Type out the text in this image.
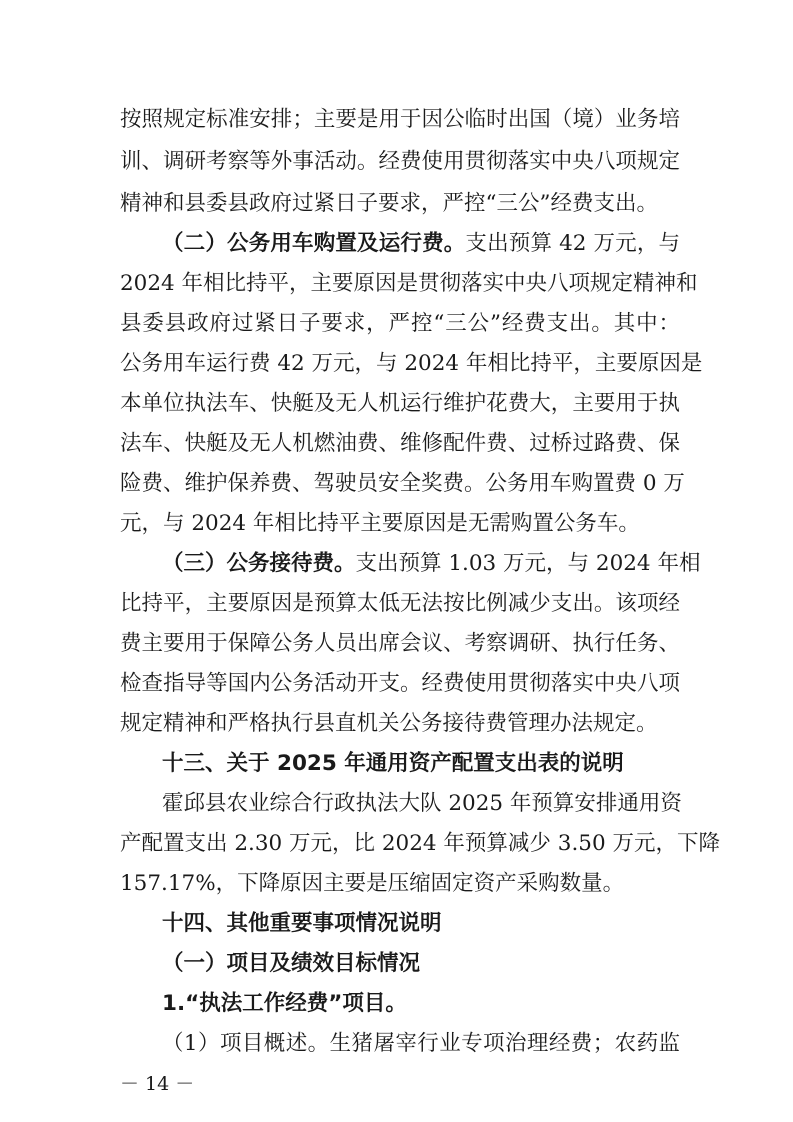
按照规定标准安排；主要是用于因公临时出国（境）业务培
训、调研考察等外事活动。经费使用贯彻落实中央八项规定
精神和县委县政府过紧日子要求，严控“三公”经费支出。
（二）公务用车购置及运行费。支出预算 42 万元，与
2024 年相比持平，主要原因是贯彻落实中央八项规定精神和
县委县政府过紧日子要求，严控“三公”经费支出。其中：
公务用车运行费 42 万元，与 2024 年相比持平，主要原因是
本单位执法车、快艇及无人机运行维护花费大，主要用于执
法车、快艇及无人机燃油费、维修配件费、过桥过路费、保
险费、维护保养费、驾驶员安全奖费。公务用车购置费 0 万
元，与 2024 年相比持平主要原因是无需购置公务车。
（三）公务接待费。支出预算 1.03 万元，与 2024 年相
比持平，主要原因是预算太低无法按比例减少支出。该项经
费主要用于保障公务人员出席会议、考察调研、执行任务、
检查指导等国内公务活动开支。经费使用贯彻落实中央八项
规定精神和严格执行县直机关公务接待费管理办法规定。
十三、关于 2025 年通用资产配置支出表的说明
霍邱县农业综合行政执法大队 2025 年预算安排通用资
产配置支出 2.30 万元，比 2024 年预算减少 3.50 万元，下降
157.17%，下降原因主要是压缩固定资产采购数量。
十四、其他重要事项情况说明
（一）项目及绩效目标情况
1.“执法工作经费”项目。
（1）项目概述。生猪屠宰行业专项治理经费；农药监
－ 14 －
